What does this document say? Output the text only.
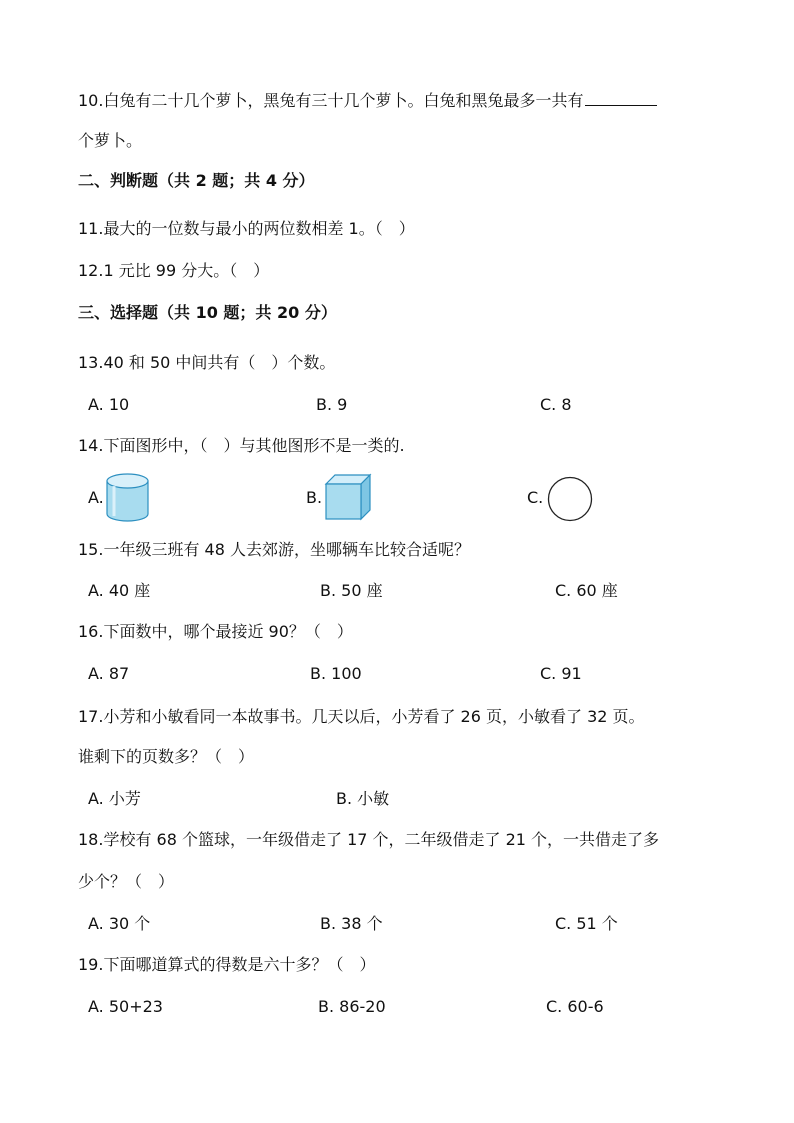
10.白兔有二十几个萝卜，黑兔有三十几个萝卜。白兔和黑兔最多一共有
个萝卜。
二、判断题（共 2 题；共 4 分）
11.最大的一位数与最小的两位数相差 1。（　）
12.1 元比 99 分大。（　）
三、选择题（共 10 题；共 20 分）
13.40 和 50 中间共有（　）个数。
A. 10	B. 9	C. 8
14.下面图形中，（　）与其他图形不是一类的.
A.	B.	C.
15.一年级三班有 48 人去郊游，坐哪辆车比较合适呢？
A. 40 座	B. 50 座	C. 60 座
16.下面数中，哪个最接近 90？（　）
A. 87	B. 100	C. 91
17.小芳和小敏看同一本故事书。几天以后，小芳看了 26 页，小敏看了 32 页。
谁剩下的页数多？（　）
A. 小芳	B. 小敏
18.学校有 68 个篮球，一年级借走了 17 个，二年级借走了 21 个，一共借走了多
少个？（　）
A. 30 个	B. 38 个	C. 51 个
19.下面哪道算式的得数是六十多？（　）
A. 50+23	B. 86-20	C. 60-6
